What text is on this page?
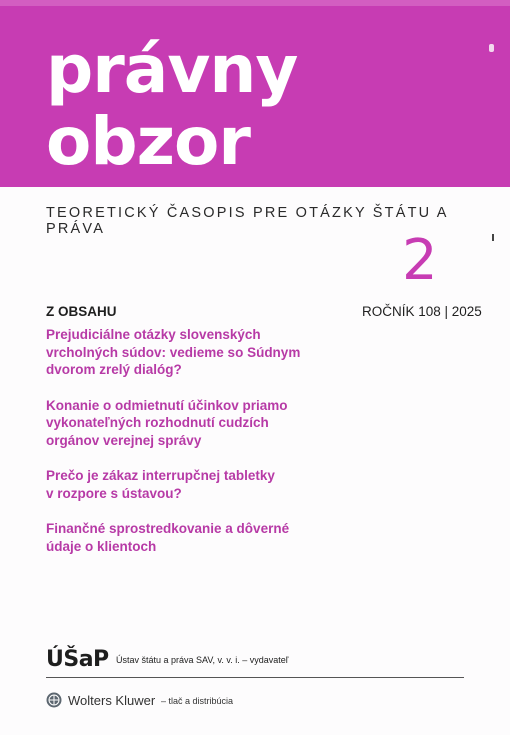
právny
obzor
TEORETICKÝ ČASOPIS PRE OTÁZKY ŠTÁTU A PRÁVA	2
ROČNÍK 108 | 2025
Z OBSAHU
Prejudiciálne otázky slovenských
vrcholných súdov: vedieme so Súdnym
dvorom zrelý dialóg?
Konanie o odmietnutí účinkov priamo
vykonateľných rozhodnutí cudzích
orgánov verejnej správy
Prečo je zákaz interrupčnej tabletky
v rozpore s ústavou?
Finančné sprostredkovanie a dôverné
údaje o klientoch
ÚŠaP Ústav štátu a práva SAV, v. v. i. – vydavateľ
Wolters Kluwer – tlač a distribúcia
